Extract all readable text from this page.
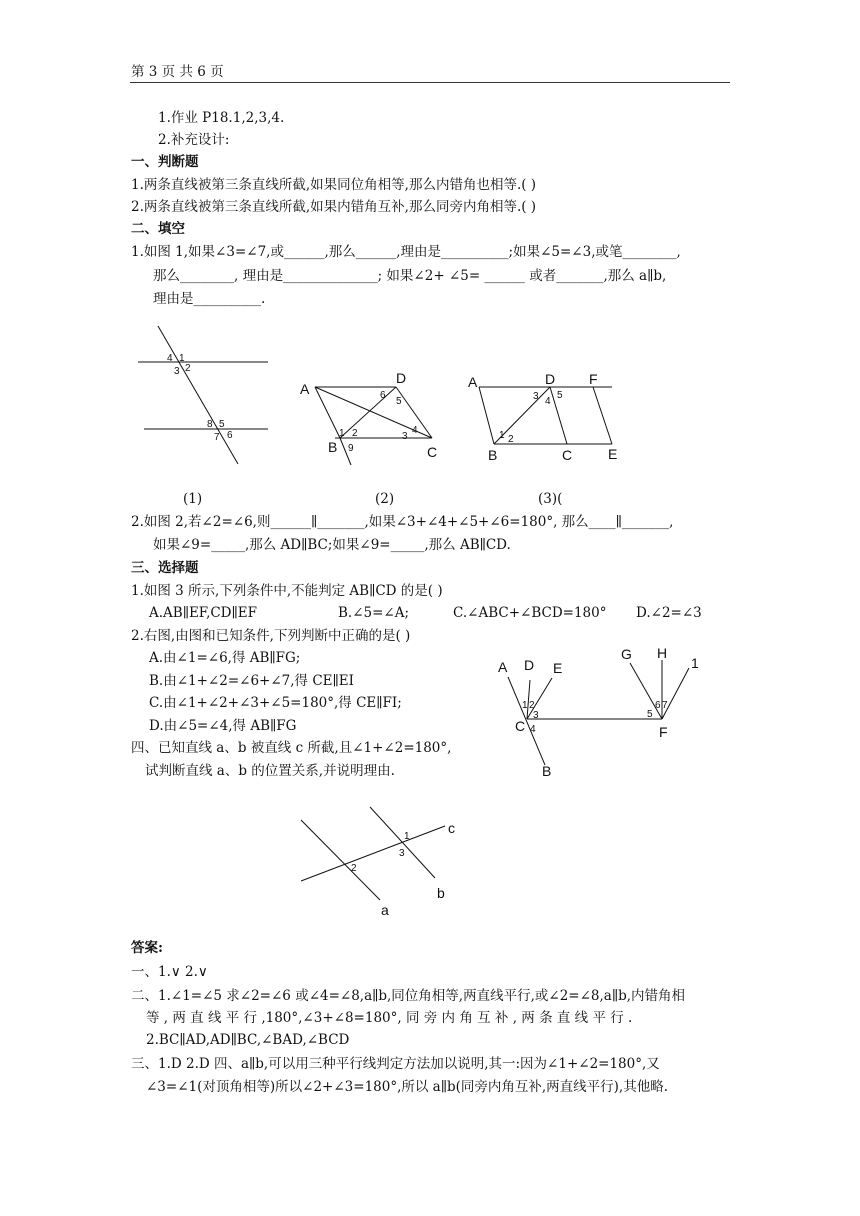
第 3 页 共 6 页
1.作业 P18.1,2,3,4.
2.补充设计:
一、判断题
1.两条直线被第三条直线所截,如果同位角相等,那么内错角也相等.( )
2.两条直线被第三条直线所截,如果内错角互补,那么同旁内角相等.( )
二、填空
1.如图 1,如果∠3=∠7,或______,那么______,理由是__________;如果∠5=∠3,或笔________,
那么________, 理由是______________; 如果∠2+ ∠5= ______ 或者_______,那么 a∥b,
理由是__________.
4 1
3 2
8 5
7 6
A
D
6
5
B	C
1 2
9
4
3
A	D F
3 4
5
B	C	E
1 2
(1)	(2)	(3)(
2.如图 2,若∠2=∠6,则______∥_______,如果∠3+∠4+∠5+∠6=180°, 那么____∥_______,
如果∠9=_____,那么 AD∥BC;如果∠9=_____,那么 AB∥CD.
三、选择题
1.如图 3 所示,下列条件中,不能判定 AB∥CD 的是( )
A.AB∥EF,CD∥EF	B.∠5=∠A;	C.∠ABC+∠BCD=180° D.∠2=∠3
2.右图,由图和已知条件,下列判断中正确的是( )
A.由∠1=∠6,得 AB∥FG;
B.由∠1+∠2=∠6+∠7,得 CE∥EI
C.由∠1+∠2+∠3+∠5=180°,得 CE∥FI;
D.由∠5=∠4,得 AB∥FG
四、已知直线 a、b 被直线 c 所截,且∠1+∠2=180°,
试判断直线 a、b 的位置关系,并说明理由.
A D E
G H
1
C	F
B
1 2
3
4
5
6 7
c
b
a
1
3
2
答案:
一、1.∨ 2.∨
二、1.∠1=∠5 求∠2=∠6 或∠4=∠8,a∥b,同位角相等,两直线平行,或∠2=∠8,a∥b,内错角相
等 , 两 直 线 平 行 ,180°,∠3+∠8=180°, 同 旁 内 角 互 补 , 两 条 直 线 平 行 .
2.BC∥AD,AD∥BC,∠BAD,∠BCD
三、1.D 2.D 四、a∥b,可以用三种平行线判定方法加以说明,其一:因为∠1+∠2=180°,又
∠3=∠1(对顶角相等)所以∠2+∠3=180°,所以 a∥b(同旁内角互补,两直线平行),其他略.
